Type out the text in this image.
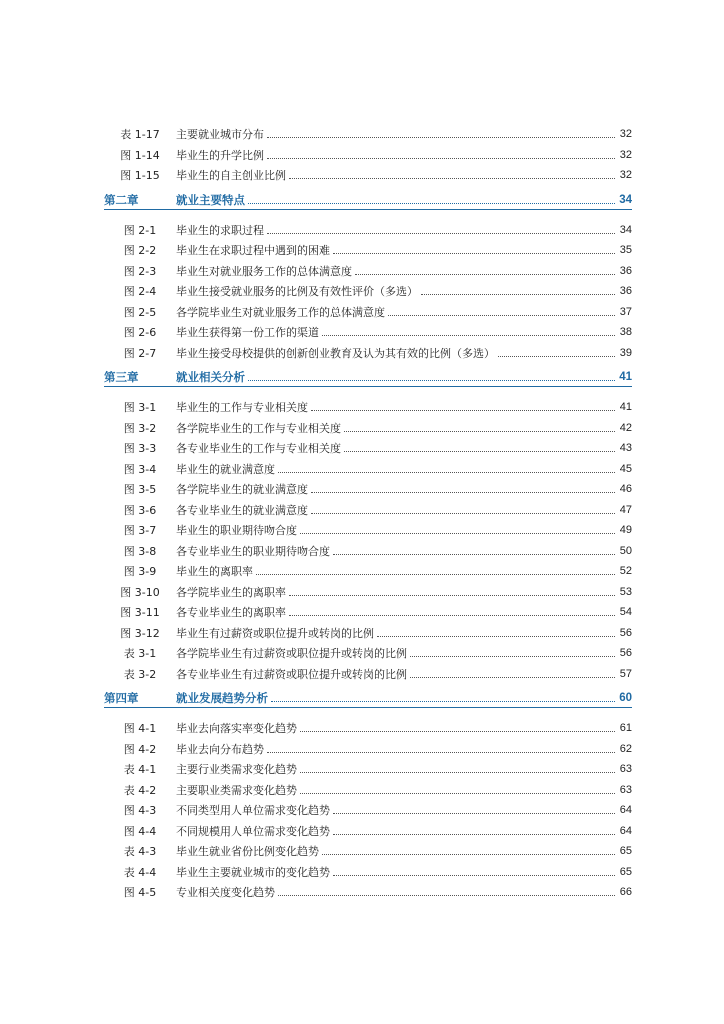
表 1-17	主要就业城市分布	32
图 1-14	毕业生的升学比例	32
图 1-15	毕业生的自主创业比例	32
第二章	就业主要特点	34
图 2-1	毕业生的求职过程	34
图 2-2	毕业生在求职过程中遇到的困难	35
图 2-3	毕业生对就业服务工作的总体满意度	36
图 2-4	毕业生接受就业服务的比例及有效性评价（多选）	36
图 2-5	各学院毕业生对就业服务工作的总体满意度	37
图 2-6	毕业生获得第一份工作的渠道	38
图 2-7	毕业生接受母校提供的创新创业教育及认为其有效的比例（多选）	39
第三章	就业相关分析	41
图 3-1	毕业生的工作与专业相关度	41
图 3-2	各学院毕业生的工作与专业相关度	42
图 3-3	各专业毕业生的工作与专业相关度	43
图 3-4	毕业生的就业满意度	45
图 3-5	各学院毕业生的就业满意度	46
图 3-6	各专业毕业生的就业满意度	47
图 3-7	毕业生的职业期待吻合度	49
图 3-8	各专业毕业生的职业期待吻合度	50
图 3-9	毕业生的离职率	52
图 3-10	各学院毕业生的离职率	53
图 3-11	各专业毕业生的离职率	54
图 3-12	毕业生有过薪资或职位提升或转岗的比例	56
表 3-1	各学院毕业生有过薪资或职位提升或转岗的比例	56
表 3-2	各专业毕业生有过薪资或职位提升或转岗的比例	57
第四章	就业发展趋势分析	60
图 4-1	毕业去向落实率变化趋势	61
图 4-2	毕业去向分布趋势	62
表 4-1	主要行业类需求变化趋势	63
表 4-2	主要职业类需求变化趋势	63
图 4-3	不同类型用人单位需求变化趋势	64
图 4-4	不同规模用人单位需求变化趋势	64
表 4-3	毕业生就业省份比例变化趋势	65
表 4-4	毕业生主要就业城市的变化趋势	65
图 4-5	专业相关度变化趋势	66
